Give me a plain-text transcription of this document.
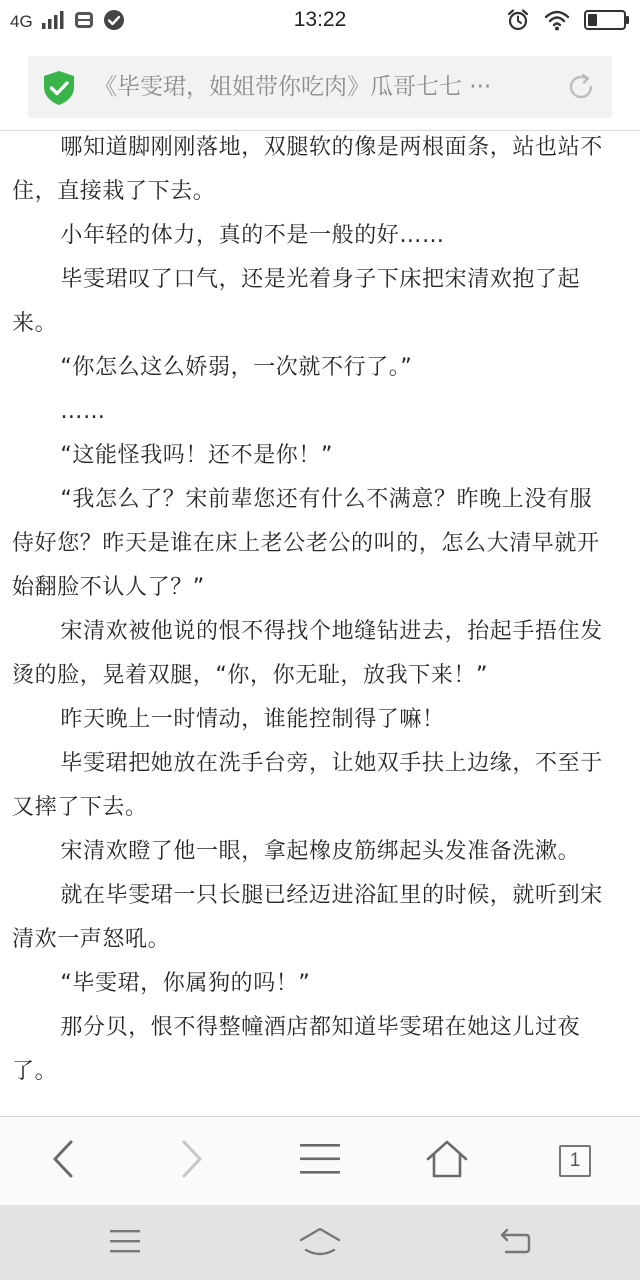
4G	13:22
《毕雯珺，姐姐带你吃肉》瓜哥七七 ···

哪知道脚刚刚落地，双腿软的像是两根面条，站也站不住，直接栽了下去。

小年轻的体力，真的不是一般的好……

毕雯珺叹了口气，还是光着身子下床把宋清欢抱了起来。

“你怎么这么娇弱，一次就不行了。”

……

“这能怪我吗！还不是你！”

“我怎么了？宋前辈您还有什么不满意？昨晚上没有服侍好您？昨天是谁在床上老公老公的叫的，怎么大清早就开始翻脸不认人了？”

宋清欢被他说的恨不得找个地缝钻进去，抬起手捂住发烫的脸，晃着双腿，“你，你无耻，放我下来！”

昨天晚上一时情动，谁能控制得了嘛！

毕雯珺把她放在洗手台旁，让她双手扶上边缘，不至于又摔了下去。

宋清欢瞪了他一眼，拿起橡皮筋绑起头发准备洗漱。

就在毕雯珺一只长腿已经迈进浴缸里的时候，就听到宋清欢一声怒吼。

“毕雯珺，你属狗的吗！”

那分贝，恨不得整幢酒店都知道毕雯珺在她这儿过夜了。

1
